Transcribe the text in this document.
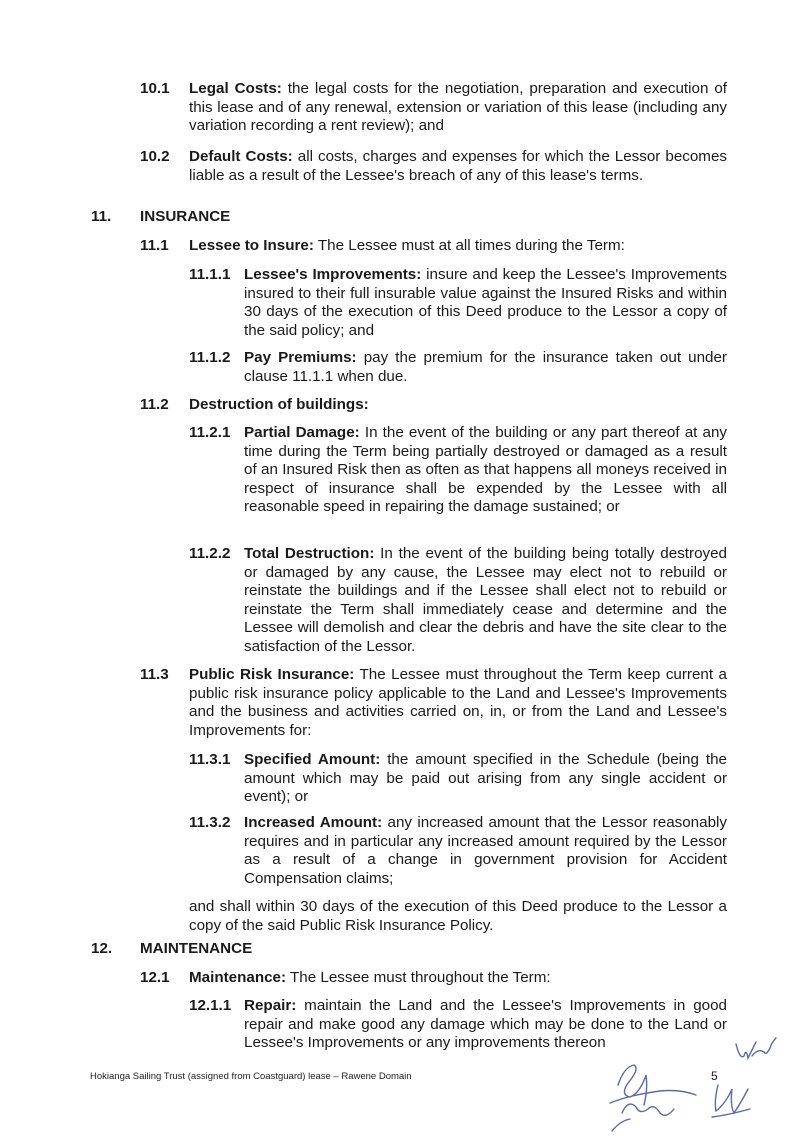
10.1 Legal Costs: the legal costs for the negotiation, preparation and execution of this lease and of any renewal, extension or variation of this lease (including any variation recording a rent review); and

10.2 Default Costs: all costs, charges and expenses for which the Lessor becomes liable as a result of the Lessee's breach of any of this lease's terms.

11. INSURANCE
11.1 Lessee to Insure: The Lessee must at all times during the Term:

11.1.1 Lessee's Improvements: insure and keep the Lessee's Improvements insured to their full insurable value against the Insured Risks and within 30 days of the execution of this Deed produce to the Lessor a copy of the said policy; and

11.1.2 Pay Premiums: pay the premium for the insurance taken out under clause 11.1.1 when due.

11.2 Destruction of buildings:

11.2.1 Partial Damage: In the event of the building or any part thereof at any time during the Term being partially destroyed or damaged as a result of an Insured Risk then as often as that happens all moneys received in respect of insurance shall be expended by the Lessee with all reasonable speed in repairing the damage sustained; or

11.2.2 Total Destruction: In the event of the building being totally destroyed or damaged by any cause, the Lessee may elect not to rebuild or reinstate the buildings and if the Lessee shall elect not to rebuild or reinstate the Term shall immediately cease and determine and the Lessee will demolish and clear the debris and have the site clear to the satisfaction of the Lessor.

11.3 Public Risk Insurance: The Lessee must throughout the Term keep current a public risk insurance policy applicable to the Land and Lessee's Improvements and the business and activities carried on, in, or from the Land and Lessee's Improvements for:

11.3.1 Specified Amount: the amount specified in the Schedule (being the amount which may be paid out arising from any single accident or event); or

11.3.2 Increased Amount: any increased amount that the Lessor reasonably requires and in particular any increased amount required by the Lessor as a result of a change in government provision for Accident Compensation claims;

and shall within 30 days of the execution of this Deed produce to the Lessor a copy of the said Public Risk Insurance Policy.

12. MAINTENANCE
12.1 Maintenance: The Lessee must throughout the Term:

12.1.1 Repair: maintain the Land and the Lessee's Improvements in good repair and make good any damage which may be done to the Land or Lessee's Improvements or any improvements thereon

Hokianga Sailing Trust (assigned from Coastguard) lease – Rawene Domain	5
